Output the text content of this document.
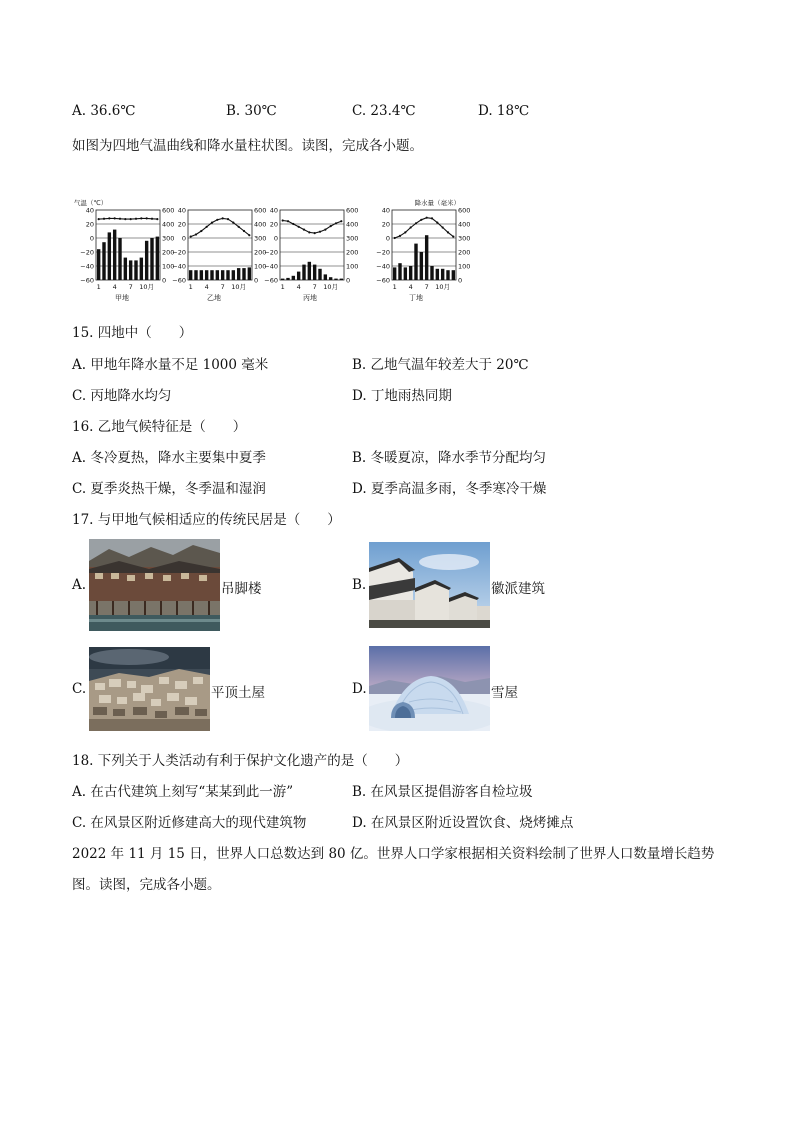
A. 36.6℃	B. 30℃	C. 23.4℃	D. 18℃
如图为四地气温曲线和降水量柱状图。读图，完成各小题。
气温（℃）	降水量（毫米）
40
20
0
−20
−40
−60
600
400
300
200
100
0
1 4 7 10月
甲地
40
20
0
−20
−40
−60
600
400
300
200
100
0
1 4 7 10月
乙地
40
20
0
−20
−40
−60
600
400
300
200
100
0
1 4 7 10月
丙地
40
20
0
−20
−40
−60
600
400
300
200
100
0
1 4 7 10月
丁地
15. 四地中（　　）
A. 甲地年降水量不足 1000 毫米	B. 乙地气温年较差大于 20℃
C. 丙地降水均匀	D. 丁地雨热同期
16. 乙地气候特征是（　　）
A. 冬冷夏热，降水主要集中夏季	B. 冬暖夏凉，降水季节分配均匀
C. 夏季炎热干燥，冬季温和湿润	D. 夏季高温多雨，冬季寒冷干燥
17. 与甲地气候相适应的传统民居是（　　）
A.	吊脚楼	B.	徽派建筑
C.	平顶土屋	D.	雪屋
18. 下列关于人类活动有利于保护文化遗产的是（　　）
A. 在古代建筑上刻写“某某到此一游”	B. 在风景区提倡游客自检垃圾
C. 在风景区附近修建高大的现代建筑物	D. 在风景区附近设置饮食、烧烤摊点
2022 年 11 月 15 日，世界人口总数达到 80 亿。世界人口学家根据相关资料绘制了世界人口数量增长趋势
图。读图，完成各小题。
